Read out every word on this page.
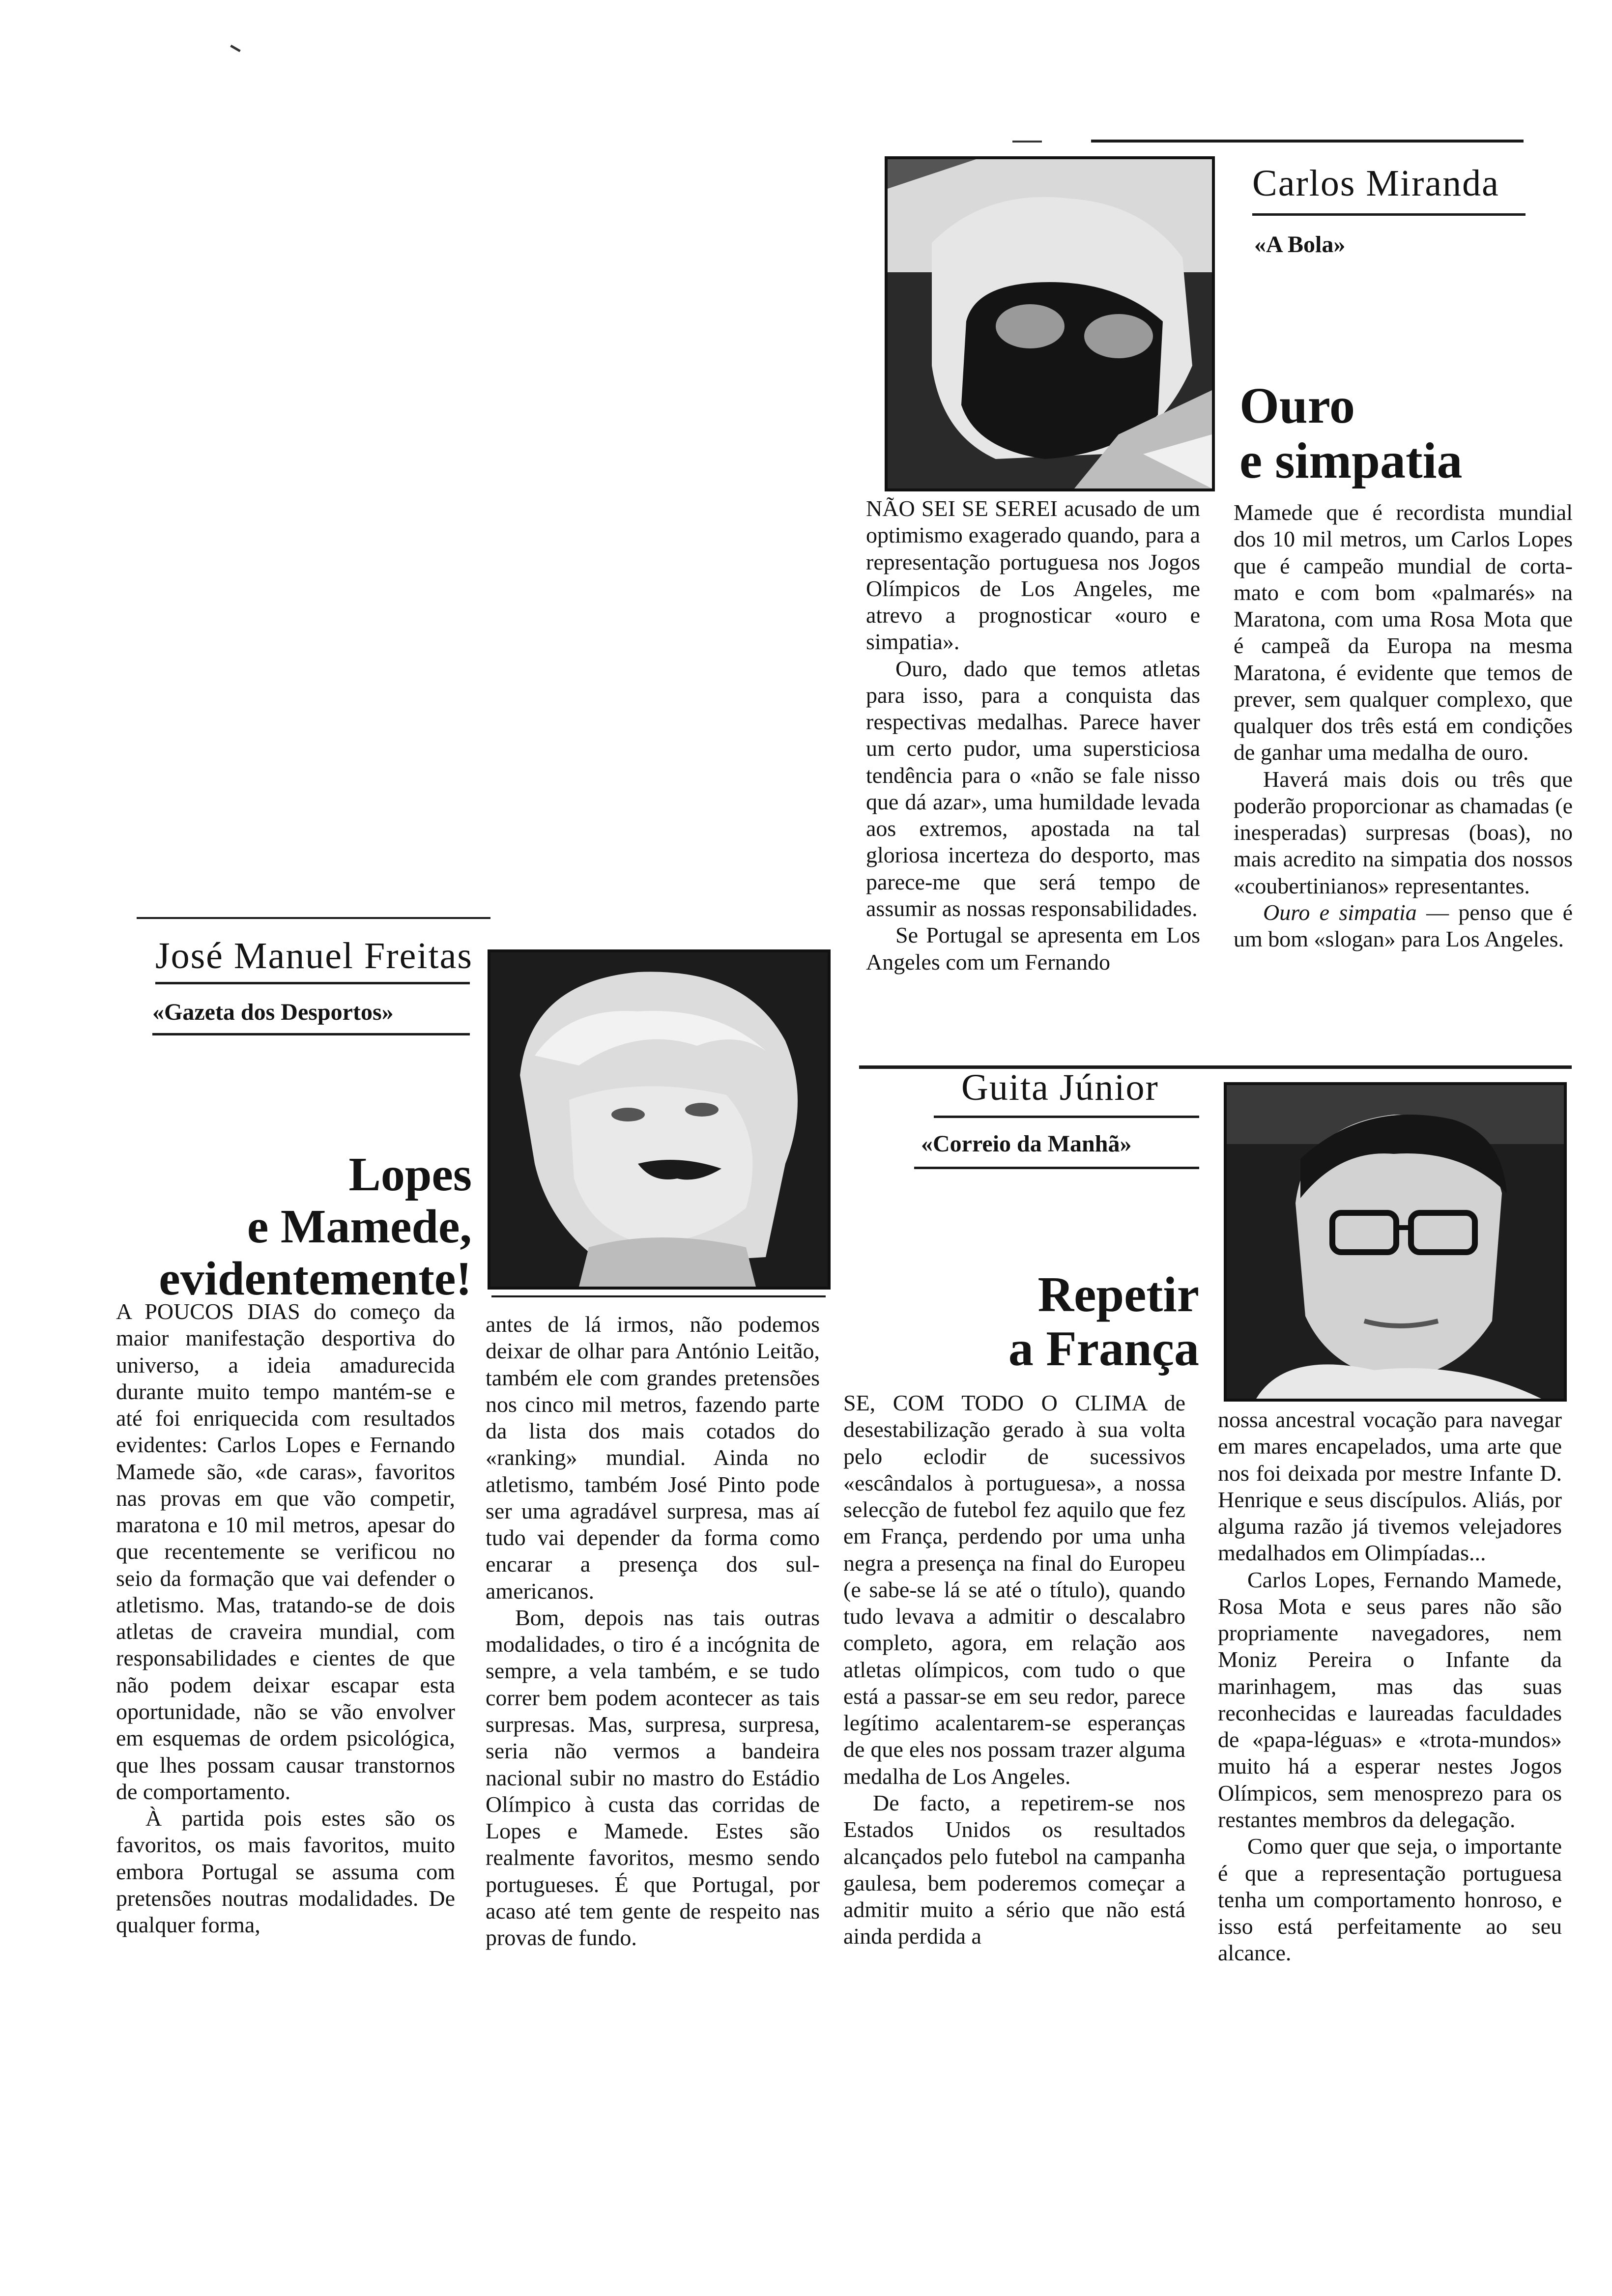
Carlos Miranda
«A Bola»
Ouro
e simpatia

NÃO SEI SE SEREI acusado de um optimismo exagerado quando, para a representação portuguesa nos Jogos Olímpicos de Los Angeles, me atrevo a prognosticar «ouro e simpatia».

Ouro, dado que temos atletas para isso, para a conquista das respectivas medalhas. Parece haver um certo pudor, uma supersticiosa tendência para o «não se fale nisso que dá azar», uma humildade levada aos extremos, apostada na tal gloriosa incerteza do desporto, mas parece-me que será tempo de assumir as nossas responsabilidades.

Se Portugal se apresenta em Los Angeles com um Fernando

Mamede que é recordista mundial dos 10 mil metros, um Carlos Lopes que é campeão mundial de corta-mato e com bom «palmarés» na Maratona, com uma Rosa Mota que é campeã da Europa na mesma Maratona, é evidente que temos de prever, sem qualquer complexo, que qualquer dos três está em condições de ganhar uma medalha de ouro.

Haverá mais dois ou três que poderão proporcionar as chamadas (e inesperadas) surpresas (boas), no mais acredito na simpatia dos nossos «coubertinianos» representantes.

Ouro e simpatia — penso que é um bom «slogan» para Los Angeles.

José Manuel Freitas
«Gazeta dos Desportos»
Lopes
e Mamede,
evidentemente!

A POUCOS DIAS do começo da maior manifestação desportiva do universo, a ideia amadurecida durante muito tempo mantém-se e até foi enriquecida com resultados evidentes: Carlos Lopes e Fernando Mamede são, «de caras», favoritos nas provas em que vão competir, maratona e 10 mil metros, apesar do que recentemente se verificou no seio da formação que vai defender o atletismo. Mas, tratando-se de dois atletas de craveira mundial, com responsabilidades e cientes de que não podem deixar escapar esta oportunidade, não se vão envolver em esquemas de ordem psicológica, que lhes possam causar transtornos de comportamento.

À partida pois estes são os favoritos, os mais favoritos, muito embora Portugal se assuma com pretensões noutras modalidades. De qualquer forma,

antes de lá irmos, não podemos deixar de olhar para António Leitão, também ele com grandes pretensões nos cinco mil metros, fazendo parte da lista dos mais cotados do «ranking» mundial. Ainda no atletismo, também José Pinto pode ser uma agradável surpresa, mas aí tudo vai depender da forma como encarar a presença dos sul-americanos.

Bom, depois nas tais outras modalidades, o tiro é a incógnita de sempre, a vela também, e se tudo correr bem podem acontecer as tais surpresas. Mas, surpresa, surpresa, seria não vermos a bandeira nacional subir no mastro do Estádio Olímpico à custa das corridas de Lopes e Mamede. Estes são realmente favoritos, mesmo sendo portugueses. É que Portugal, por acaso até tem gente de respeito nas provas de fundo.

Guita Júnior
«Correio da Manhã»
Repetir
a França

SE, COM TODO O CLIMA de desestabilização gerado à sua volta pelo eclodir de sucessivos «escândalos à portuguesa», a nossa selecção de futebol fez aquilo que fez em França, perdendo por uma unha negra a presença na final do Europeu (e sabe-se lá se até o título), quando tudo levava a admitir o descalabro completo, agora, em relação aos atletas olímpicos, com tudo o que está a passar-se em seu redor, parece legítimo acalentarem-se esperanças de que eles nos possam trazer alguma medalha de Los Angeles.

De facto, a repetirem-se nos Estados Unidos os resultados alcançados pelo futebol na campanha gaulesa, bem poderemos começar a admitir muito a sério que não está ainda perdida a

nossa ancestral vocação para navegar em mares encapelados, uma arte que nos foi deixada por mestre Infante D. Henrique e seus discípulos. Aliás, por alguma razão já tivemos velejadores medalhados em Olimpíadas...

Carlos Lopes, Fernando Mamede, Rosa Mota e seus pares não são propriamente navegadores, nem Moniz Pereira o Infante da marinhagem, mas das suas reconhecidas e laureadas faculdades de «papa-léguas» e «trota-mundos» muito há a esperar nestes Jogos Olímpicos, sem menosprezo para os restantes membros da delegação.

Como quer que seja, o importante é que a representação portuguesa tenha um comportamento honroso, e isso está perfeitamente ao seu alcance.
